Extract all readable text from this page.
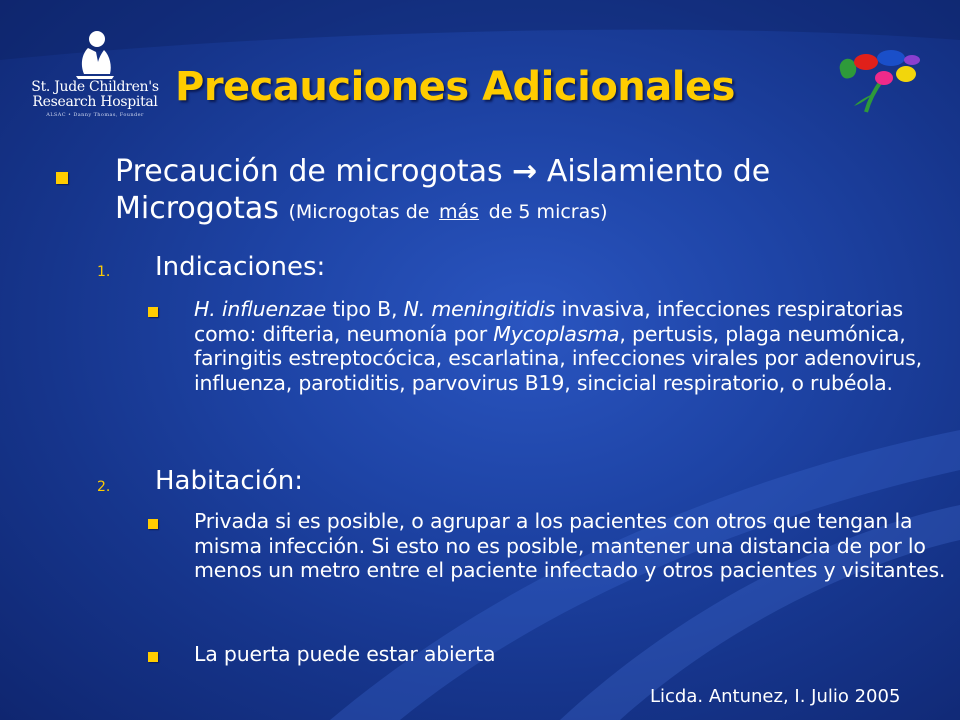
St. Jude Children's
Research Hospital
ALSAC • Danny Thomas, Founder
Precauciones Adicionales
Precaución de microgotas → Aislamiento de Microgotas (Microgotas de más de 5 micras)
1. Indicaciones:
H. influenzae tipo B, N. meningitidis invasiva, infecciones respiratorias como: difteria, neumonía por Mycoplasma, pertusis, plaga neumónica, faringitis estreptocócica, escarlatina, infecciones virales por adenovirus, influenza, parotiditis, parvovirus B19, sincicial respiratorio, o rubéola.
2. Habitación:
Privada si es posible, o agrupar a los pacientes con otros que tengan la misma infección. Si esto no es posible, mantener una distancia de por lo menos un metro entre el paciente infectado y otros pacientes y visitantes.
La puerta puede estar abierta
Licda. Antunez, I. Julio 2005
